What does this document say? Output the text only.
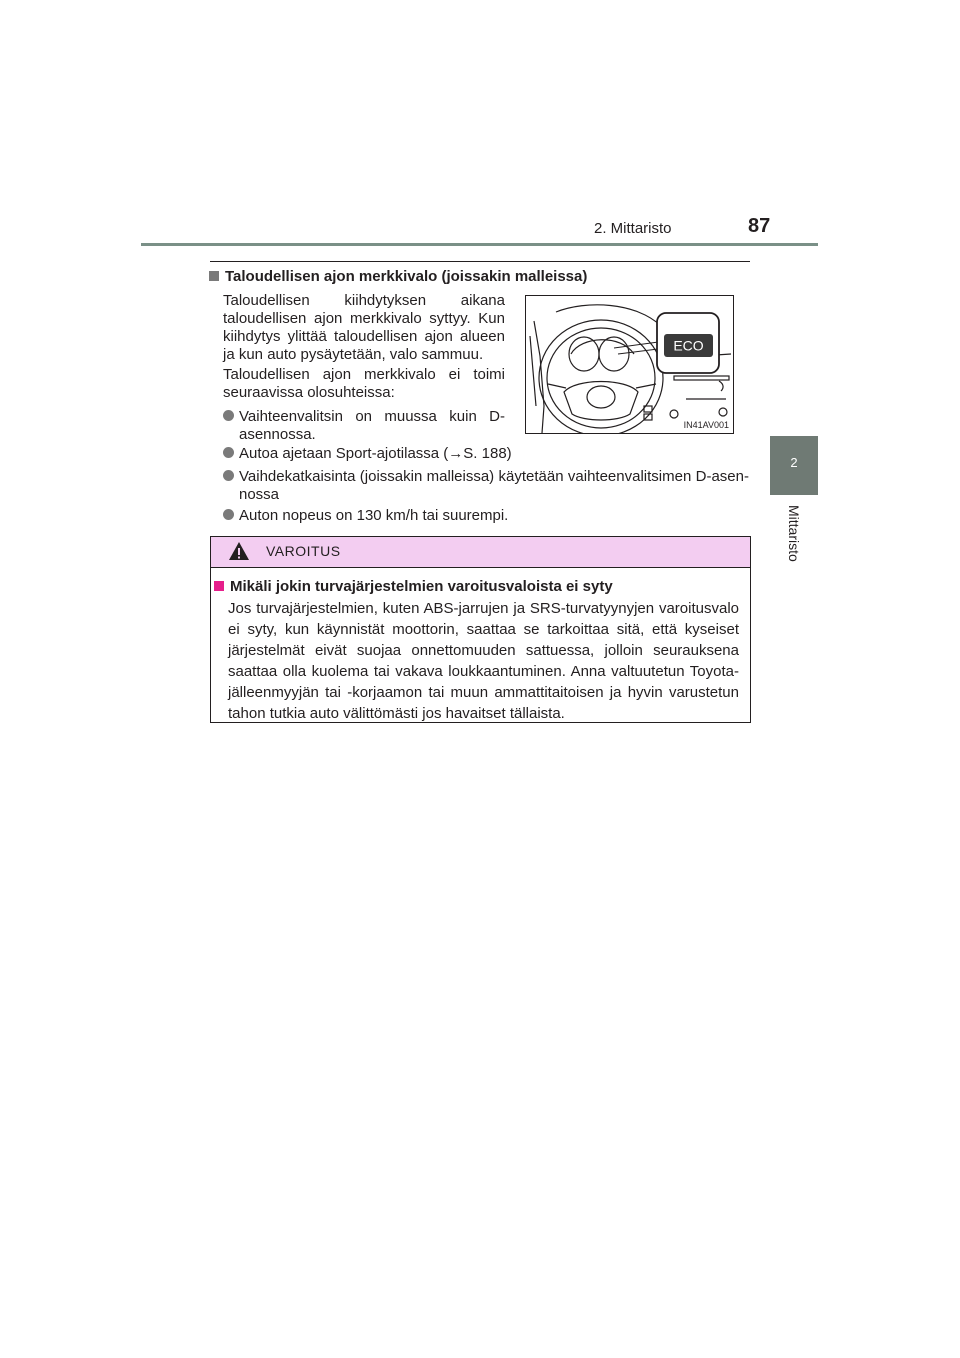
2. Mittaristo	87
2
Mittaristo
Taloudellisen ajon merkkivalo (joissakin malleissa)
Taloudellisen kiihdytyksen aikana taloudellisen ajon merkkivalo syttyy. Kun kiihdytys ylittää taloudellisen ajon alueen ja kun auto pysäytetään, valo sammuu.
Taloudellisen ajon merkkivalo ei toimi seuraavissa olosuhteissa:
Vaihteenvalitsin on muussa kuin D-asennossa.
Autoa ajetaan Sport-ajotilassa (→S. 188)
Vaihdekatkaisinta (joissakin malleissa) käytetään vaihteenvalitsimen D-asennossa
Auton nopeus on 130 km/h tai suurempi.
ECO
IN41AV001
VAROITUS
Mikäli jokin turvajärjestelmien varoitusvaloista ei syty
Jos turvajärjestelmien, kuten ABS-jarrujen ja SRS-turvatyynyjen varoitusvalo ei syty, kun käynnistät moottorin, saattaa se tarkoittaa sitä, että kyseiset järjestelmät eivät suojaa onnettomuuden sattuessa, jolloin seurauksena saattaa olla kuolema tai vakava loukkaantuminen. Anna valtuutetun Toyota-jälleenmyyjän tai -korjaamon tai muun ammattitaitoisen ja hyvin varustetun tahon tutkia auto välittömästi jos havaitset tällaista.
